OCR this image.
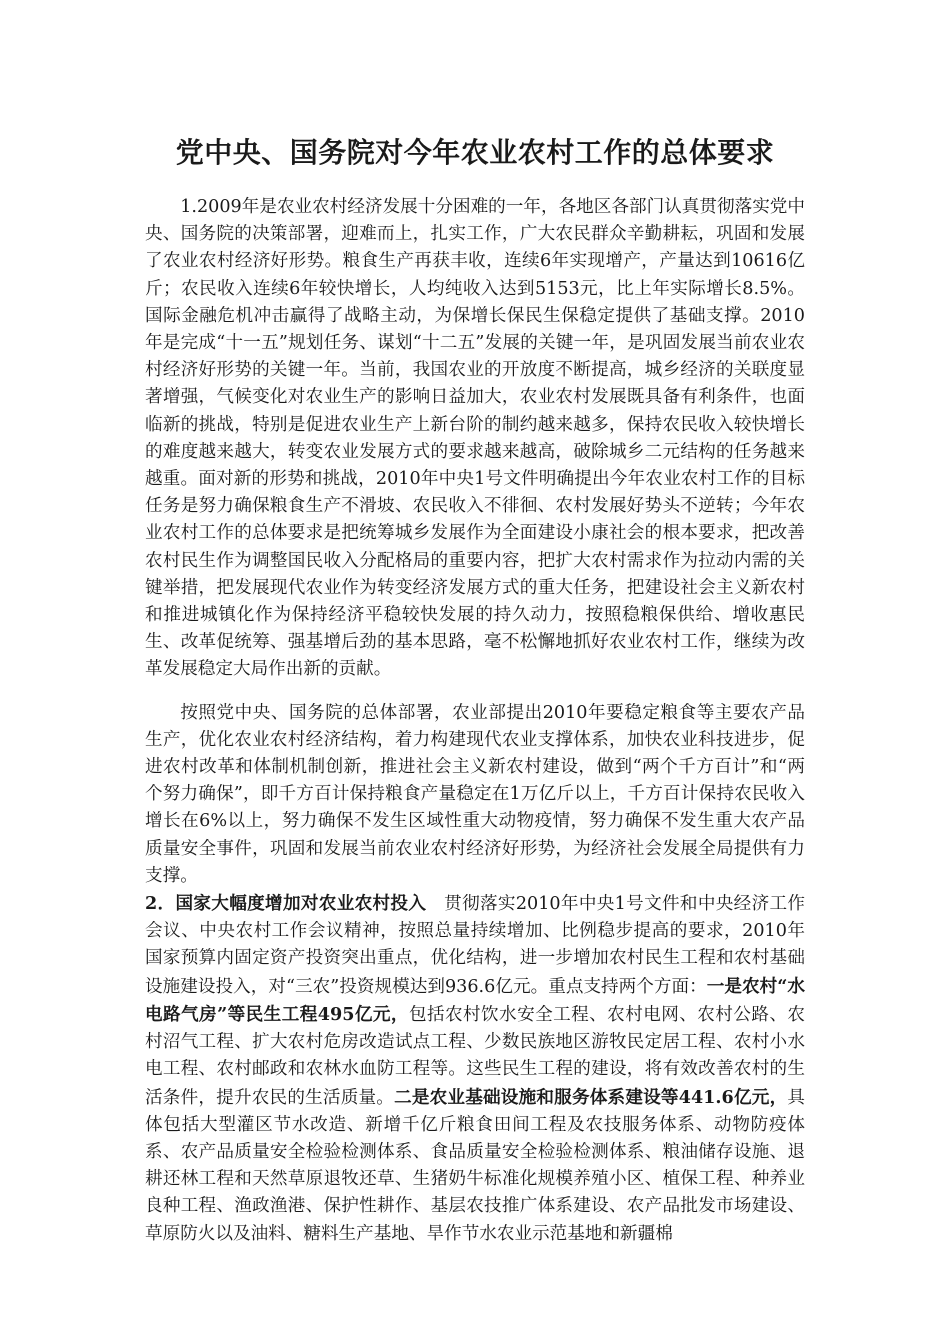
党中央、国务院对今年农业农村工作的总体要求

1.2009年是农业农村经济发展十分困难的一年，各地区各部门认真贯彻落实党中央、国务院的决策部署，迎难而上，扎实工作，广大农民群众辛勤耕耘，巩固和发展了农业农村经济好形势。粮食生产再获丰收，连续6年实现增产，产量达到10616亿斤；农民收入连续6年较快增长，人均纯收入达到5153元，比上年实际增长8.5%。国际金融危机冲击赢得了战略主动，为保增长保民生保稳定提供了基础支撑。2010年是完成“十一五”规划任务、谋划“十二五”发展的关键一年，是巩固发展当前农业农村经济好形势的关键一年。当前，我国农业的开放度不断提高，城乡经济的关联度显著增强，气候变化对农业生产的影响日益加大，农业农村发展既具备有利条件，也面临新的挑战，特别是促进农业生产上新台阶的制约越来越多，保持农民收入较快增长的难度越来越大，转变农业发展方式的要求越来越高，破除城乡二元结构的任务越来越重。面对新的形势和挑战，2010年中央1号文件明确提出今年农业农村工作的目标任务是努力确保粮食生产不滑坡、农民收入不徘徊、农村发展好势头不逆转；今年农业农村工作的总体要求是把统筹城乡发展作为全面建设小康社会的根本要求，把改善农村民生作为调整国民收入分配格局的重要内容，把扩大农村需求作为拉动内需的关键举措，把发展现代农业作为转变经济发展方式的重大任务，把建设社会主义新农村和推进城镇化作为保持经济平稳较快发展的持久动力，按照稳粮保供给、增收惠民生、改革促统筹、强基增后劲的基本思路，毫不松懈地抓好农业农村工作，继续为改革发展稳定大局作出新的贡献。

按照党中央、国务院的总体部署，农业部提出2010年要稳定粮食等主要农产品生产，优化农业农村经济结构，着力构建现代农业支撑体系，加快农业科技进步，促进农村改革和体制机制创新，推进社会主义新农村建设，做到“两个千方百计”和“两个努力确保”，即千方百计保持粮食产量稳定在1万亿斤以上，千方百计保持农民收入增长在6%以上，努力确保不发生区域性重大动物疫情，努力确保不发生重大农产品质量安全事件，巩固和发展当前农业农村经济好形势，为经济社会发展全局提供有力支撑。

2．国家大幅度增加对农业农村投入　贯彻落实2010年中央1号文件和中央经济工作会议、中央农村工作会议精神，按照总量持续增加、比例稳步提高的要求，2010年国家预算内固定资产投资突出重点，优化结构，进一步增加农村民生工程和农村基础设施建设投入，对“三农”投资规模达到936.6亿元。重点支持两个方面：一是农村“水电路气房”等民生工程495亿元，包括农村饮水安全工程、农村电网、农村公路、农村沼气工程、扩大农村危房改造试点工程、少数民族地区游牧民定居工程、农村小水电工程、农村邮政和农林水血防工程等。这些民生工程的建设，将有效改善农村的生活条件，提升农民的生活质量。二是农业基础设施和服务体系建设等441.6亿元，具体包括大型灌区节水改造、新增千亿斤粮食田间工程及农技服务体系、动物防疫体系、农产品质量安全检验检测体系、食品质量安全检验检测体系、粮油储存设施、退耕还林工程和天然草原退牧还草、生猪奶牛标准化规模养殖小区、植保工程、种养业良种工程、渔政渔港、保护性耕作、基层农技推广体系建设、农产品批发市场建设、草原防火以及油料、糖料生产基地、旱作节水农业示范基地和新疆棉
